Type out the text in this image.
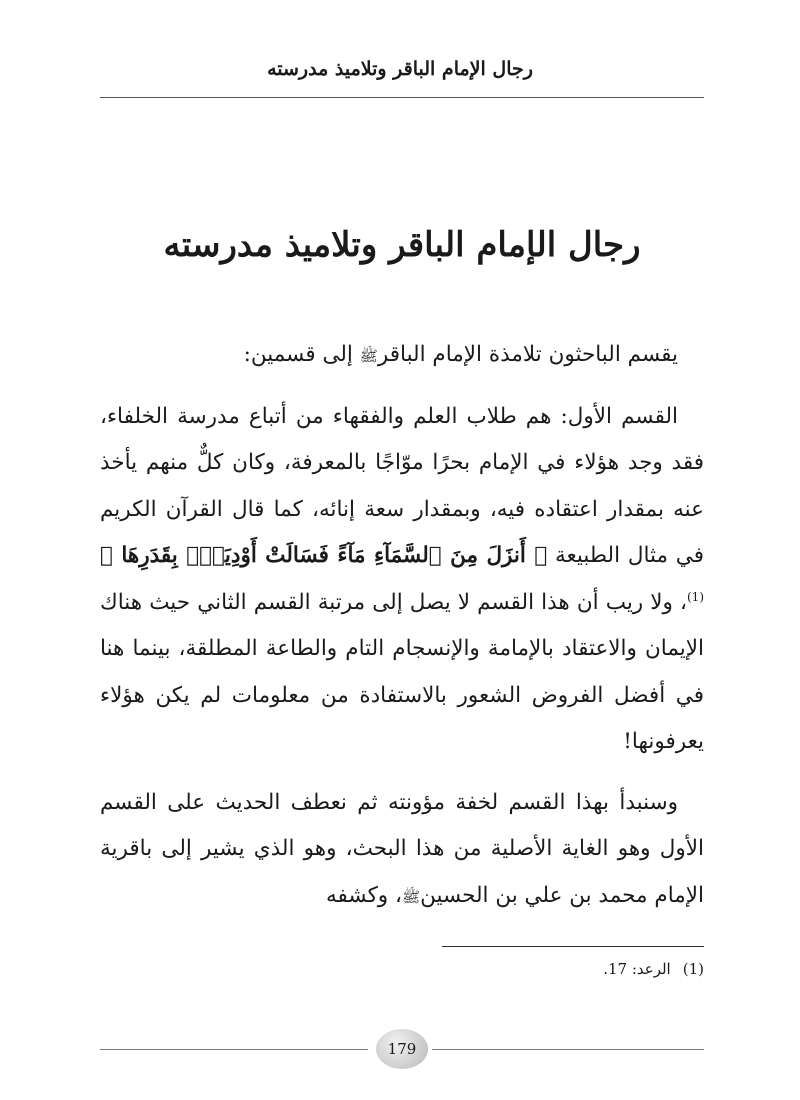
رجال الإمام الباقر وتلاميذ مدرسته
رجال الإمام الباقر وتلاميذ مدرسته

يقسم الباحثون تلامذة الإمام الباقرﷺ إلى قسمين:

القسم الأول: هم طلاب العلم والفقهاء من أتباع مدرسة الخلفاء، فقد وجد هؤلاء في الإمام بحرًا موّاجًا بالمعرفة، وكان كلٌّ منهم يأخذ عنه بمقدار اعتقاده فيه، وبمقدار سعة إنائه، كما قال القرآن الكريم في مثال الطبيعة ﴿ أَنزَلَ مِنَ ٱلسَّمَآءِ مَآءً فَسَالَتْ أَوْدِيَةٌۢ بِقَدَرِهَا ﴾$^{(1)}$، ولا ريب أن هذا القسم لا يصل إلى مرتبة القسم الثاني حيث هناك الإيمان والاعتقاد بالإمامة والإنسجام التام والطاعة المطلقة، بينما هنا في أفضل الفروض الشعور بالاستفادة من معلومات لم يكن هؤلاء يعرفونها!

وسنبدأ بهذا القسم لخفة مؤونته ثم نعطف الحديث على القسم الأول وهو الغاية الأصلية من هذا البحث، وهو الذي يشير إلى باقرية الإمام محمد بن علي بن الحسينﷺ، وكشفه

(1)الرعد: 17.
179
